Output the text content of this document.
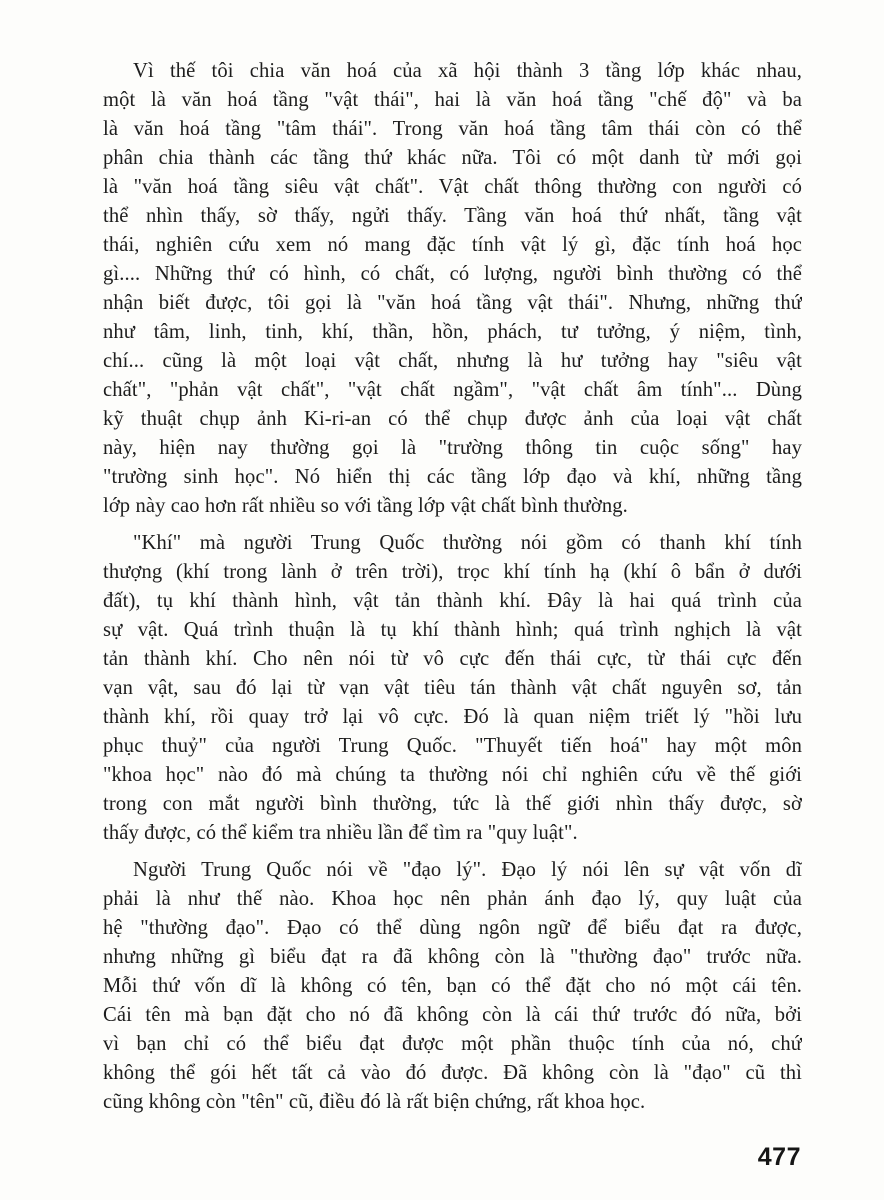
Vì thế tôi chia văn hoá của xã hội thành 3 tầng lớp khác nhau,
một là văn hoá tầng "vật thái", hai là văn hoá tầng "chế độ" và ba
là văn hoá tầng "tâm thái". Trong văn hoá tầng tâm thái còn có thể
phân chia thành các tầng thứ khác nữa. Tôi có một danh từ mới gọi
là "văn hoá tầng siêu vật chất". Vật chất thông thường con người có
thể nhìn thấy, sờ thấy, ngửi thấy. Tầng văn hoá thứ nhất, tầng vật
thái, nghiên cứu xem nó mang đặc tính vật lý gì, đặc tính hoá học
gì.... Những thứ có hình, có chất, có lượng, người bình thường có thể
nhận biết được, tôi gọi là "văn hoá tầng vật thái". Nhưng, những thứ
như tâm, linh, tinh, khí, thần, hồn, phách, tư tưởng, ý niệm, tình,
chí... cũng là một loại vật chất, nhưng là hư tưởng hay "siêu vật
chất", "phản vật chất", "vật chất ngầm", "vật chất âm tính"... Dùng
kỹ thuật chụp ảnh Ki-ri-an có thể chụp được ảnh của loại vật chất
này, hiện nay thường gọi là "trường thông tin cuộc sống" hay
"trường sinh học". Nó hiển thị các tầng lớp đạo và khí, những tầng
lớp này cao hơn rất nhiều so với tầng lớp vật chất bình thường.
"Khí" mà người Trung Quốc thường nói gồm có thanh khí tính
thượng (khí trong lành ở trên trời), trọc khí tính hạ (khí ô bẩn ở dưới
đất), tụ khí thành hình, vật tản thành khí. Đây là hai quá trình của
sự vật. Quá trình thuận là tụ khí thành hình; quá trình nghịch là vật
tản thành khí. Cho nên nói từ vô cực đến thái cực, từ thái cực đến
vạn vật, sau đó lại từ vạn vật tiêu tán thành vật chất nguyên sơ, tản
thành khí, rồi quay trở lại vô cực. Đó là quan niệm triết lý "hồi lưu
phục thuỷ" của người Trung Quốc. "Thuyết tiến hoá" hay một môn
"khoa học" nào đó mà chúng ta thường nói chỉ nghiên cứu về thế giới
trong con mắt người bình thường, tức là thế giới nhìn thấy được, sờ
thấy được, có thể kiểm tra nhiều lần để tìm ra "quy luật".
Người Trung Quốc nói về "đạo lý". Đạo lý nói lên sự vật vốn dĩ
phải là như thế nào. Khoa học nên phản ánh đạo lý, quy luật của
hệ "thường đạo". Đạo có thể dùng ngôn ngữ để biểu đạt ra được,
nhưng những gì biểu đạt ra đã không còn là "thường đạo" trước nữa.
Mỗi thứ vốn dĩ là không có tên, bạn có thể đặt cho nó một cái tên.
Cái tên mà bạn đặt cho nó đã không còn là cái thứ trước đó nữa, bởi
vì bạn chỉ có thể biểu đạt được một phần thuộc tính của nó, chứ
không thể gói hết tất cả vào đó được. Đã không còn là "đạo" cũ thì
cũng không còn "tên" cũ, điều đó là rất biện chứng, rất khoa học.
477
